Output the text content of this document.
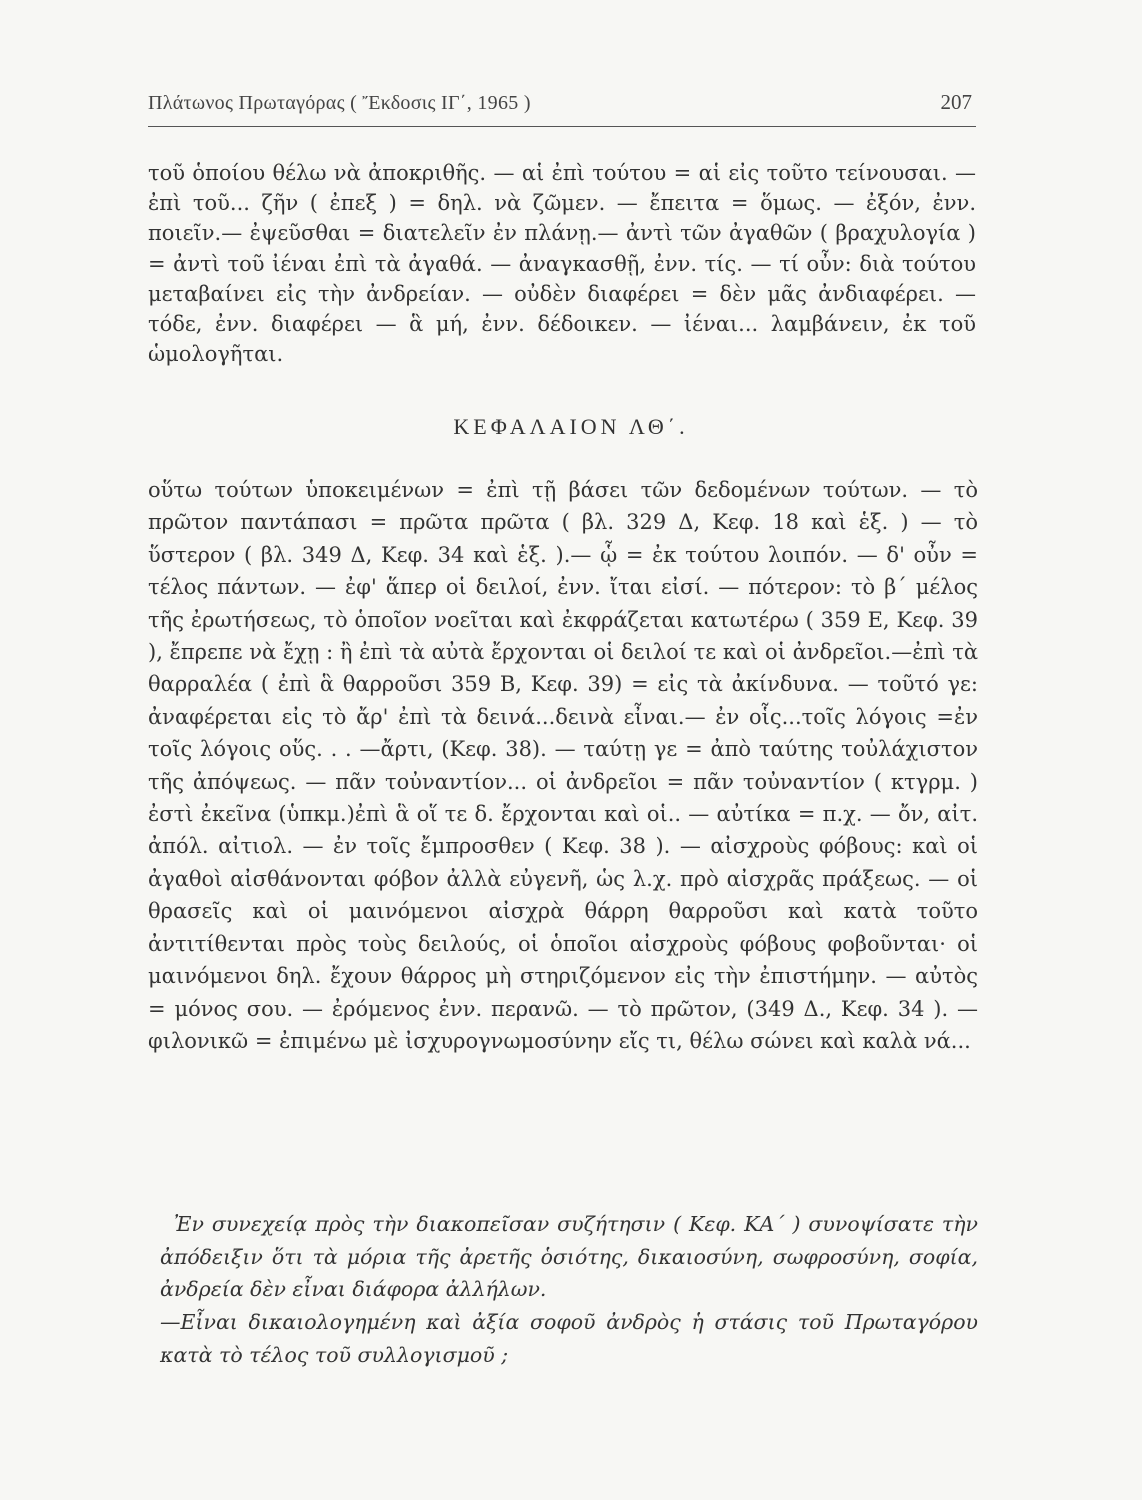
Πλάτωνος Πρωταγόρας ( Ἔκδοσις ΙΓ΄, 1965 )	207

τοῦ ὁποίου θέλω νὰ ἀποκριθῆς. — αἱ ἐπὶ τούτου = αἱ εἰς τοῦτο τείνουσαι. — ἐπὶ τοῦ... ζῆν ( ἐπεξ ) = δηλ. νὰ ζῶμεν. — ἔπειτα = ὅμως. — ἐξόν, ἐνν. ποιεῖν.— ἐψεῦσθαι = διατελεῖν ἐν πλάνῃ.— ἀντὶ τῶν ἀγαθῶν ( βραχυλογία ) = ἀντὶ τοῦ ἰέναι ἐπὶ τὰ ἀγαθά. — ἀναγκασθῇ, ἐνν. τίς. — τί οὖν: διὰ τούτου μεταβαίνει εἰς τὴν ἀνδρείαν. — οὐδὲν διαφέρει = δὲν μᾶς ἀνδιαφέρει. — τόδε, ἐνν. διαφέρει — ἃ μή, ἐνν. δέδοικεν. — ἰέναι... λαμβάνειν, ἐκ τοῦ ὡμολογῆται.

ΚΕΦΑΛΑΙΟΝ ΛΘ΄.

οὕτω τούτων ὑποκειμένων = ἐπὶ τῇ βάσει τῶν δεδομένων τούτων. — τὸ πρῶτον παντάπασι = πρῶτα πρῶτα ( βλ. 329 Δ, Κεφ. 18 καὶ ἑξ. ) — τὸ ὕστερον ( βλ. 349 Δ, Κεφ. 34 καὶ ἑξ. ).— ᾧ = ἐκ τούτου λοιπόν. — δ' οὖν = τέλος πάντων. — ἐφ' ἅπερ οἱ δειλοί, ἐνν. ἴται εἰσί. — πότερον: τὸ β΄ μέλος τῆς ἐρωτήσεως, τὸ ὁποῖον νοεῖται καὶ ἐκφράζεται κατωτέρω ( 359 Ε, Κεφ. 39 ), ἔπρεπε νὰ ἔχῃ : ἢ ἐπὶ τὰ αὐτὰ ἔρχονται οἱ δειλοί τε καὶ οἱ ἀνδρεῖοι.—ἐπὶ τὰ θαρραλέα ( ἐπὶ ἃ θαρροῦσι 359 Β, Κεφ. 39) = εἰς τὰ ἀκίνδυνα. — τοῦτό γε: ἀναφέρεται εἰς τὸ ἄρ' ἐπὶ τὰ δεινά...δεινὰ εἶναι.— ἐν οἷς...τοῖς λόγοις =ἐν τοῖς λόγοις οὕς. . . —ἄρτι, (Κεφ. 38). — ταύτῃ γε = ἀπὸ ταύτης τοὐλάχιστον τῆς ἀπόψεως. — πᾶν τοὐναντίον... οἱ ἀνδρεῖοι = πᾶν τοὐναντίον ( κτγρμ. ) ἐστὶ ἐκεῖνα (ὑπκμ.)ἐπὶ ἃ οἵ τε δ. ἔρχονται καὶ οἱ.. — αὐτίκα = π.χ. — ὄν, αἰτ. ἀπόλ. αἰτιολ. — ἐν τοῖς ἔμπροσθεν ( Κεφ. 38 ). — αἰσχροὺς φόβους: καὶ οἱ ἀγαθοὶ αἰσθάνονται φόβον ἀλλὰ εὐγενῆ, ὡς λ.χ. πρὸ αἰσχρᾶς πράξεως. — οἱ θρασεῖς καὶ οἱ μαινόμενοι αἰσχρὰ θάρρη θαρροῦσι καὶ κατὰ τοῦτο ἀντιτίθενται πρὸς τοὺς δειλούς, οἱ ὁποῖοι αἰσχροὺς φόβους φοβοῦνται· οἱ μαινόμενοι δηλ. ἔχουν θάρρος μὴ στηριζόμενον εἰς τὴν ἐπιστήμην. — αὐτὸς = μόνος σου. — ἐρόμενος ἐνν. περανῶ. — τὸ πρῶτον, (349 Δ., Κεφ. 34 ). — φιλονικῶ = ἐπιμένω μὲ ἰσχυρογνωμοσύνην εἴς τι, θέλω σώνει καὶ καλὰ νά...

Ἐν συνεχείᾳ πρὸς τὴν διακοπεῖσαν συζήτησιν ( Κεφ. ΚΑ΄ ) συνοψίσατε τὴν ἀπόδειξιν ὅτι τὰ μόρια τῆς ἀρετῆς ὁσιότης, δικαιοσύνη, σωφροσύνη, σοφία, ἀνδρεία δὲν εἶναι διάφορα ἀλλήλων.

—Εἶναι δικαιολογημένη καὶ ἀξία σοφοῦ ἀνδρὸς ἡ στάσις τοῦ Πρωταγόρου κατὰ τὸ τέλος τοῦ συλλογισμοῦ ;
